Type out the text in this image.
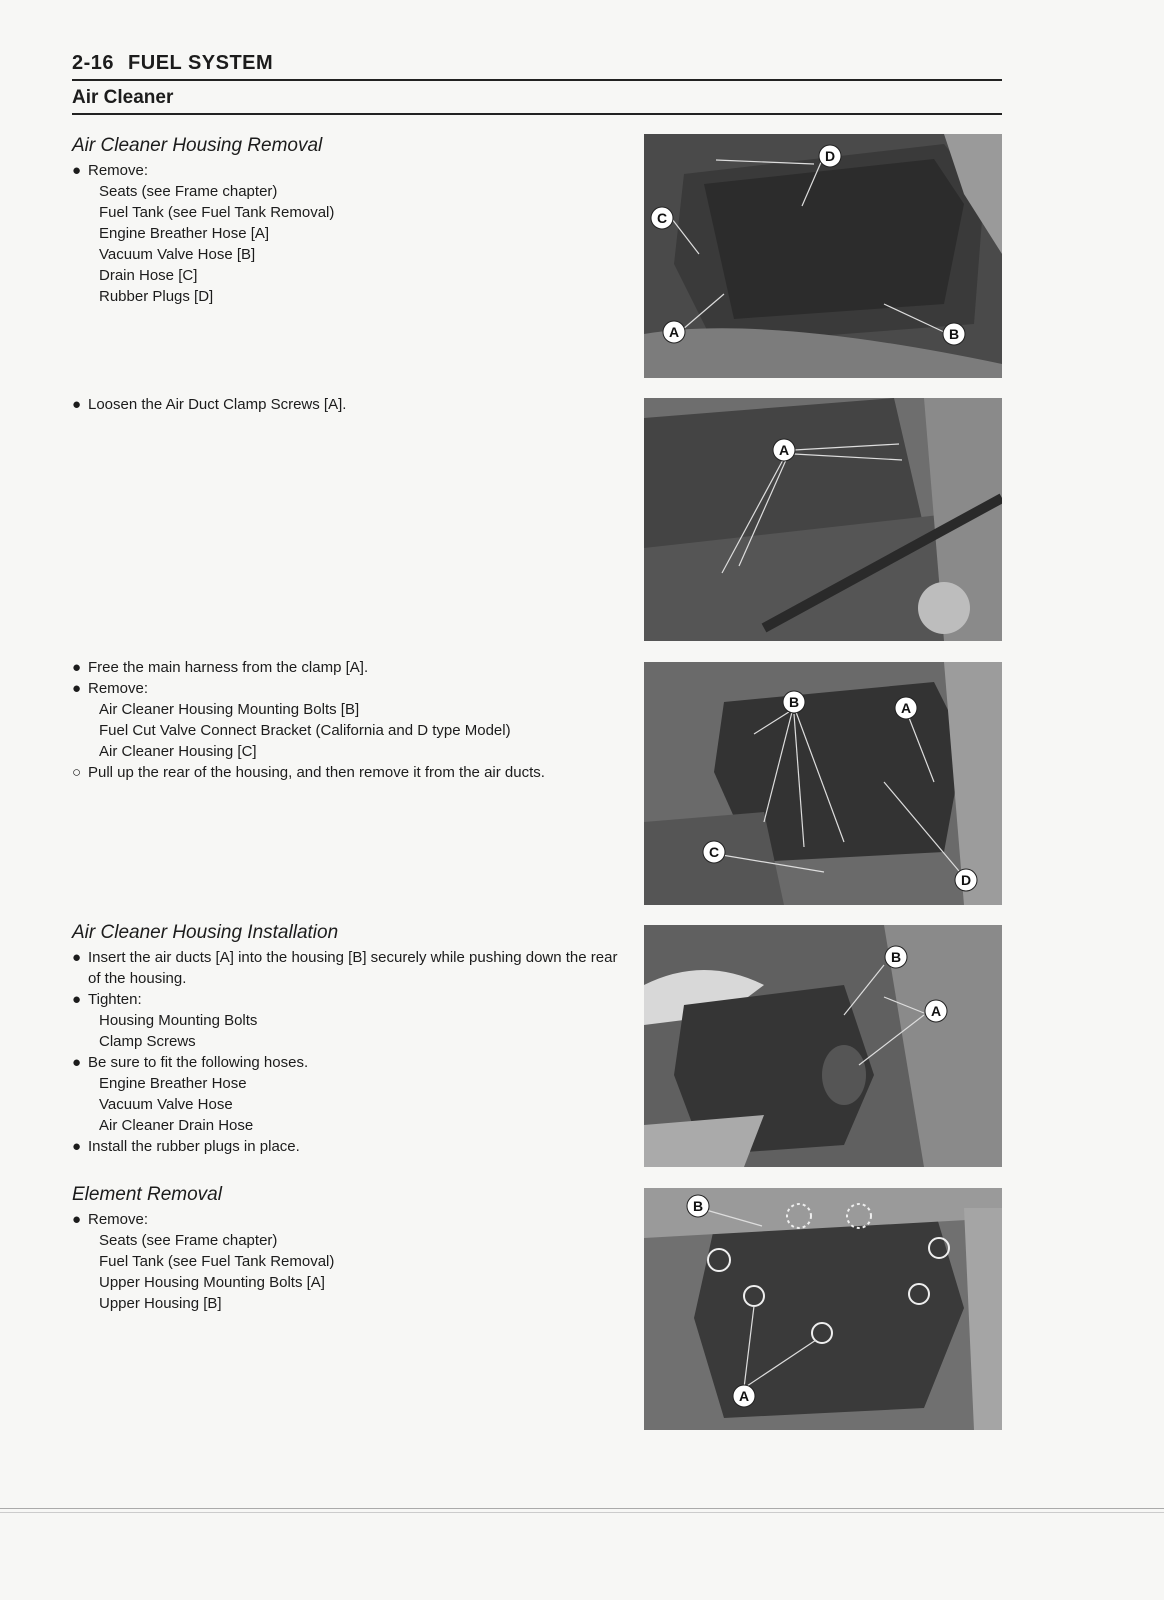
2-16 FUEL SYSTEM
Air Cleaner
Air Cleaner Housing Removal
● Remove:
Seats (see Frame chapter)
Fuel Tank (see Fuel Tank Removal)
Engine Breather Hose [A]
Vacuum Valve Hose [B]
Drain Hose [C]
Rubber Plugs [D]
● Loosen the Air Duct Clamp Screws [A].
● Free the main harness from the clamp [A].
● Remove:
Air Cleaner Housing Mounting Bolts [B]
Fuel Cut Valve Connect Bracket (California and D type Model)
Air Cleaner Housing [C]
○ Pull up the rear of the housing, and then remove it from the air ducts.
Air Cleaner Housing Installation
● Insert the air ducts [A] into the housing [B] securely while pushing down the rear of the housing.
● Tighten:
Housing Mounting Bolts
Clamp Screws
● Be sure to fit the following hoses.
Engine Breather Hose
Vacuum Valve Hose
Air Cleaner Drain Hose
● Install the rubber plugs in place.
Element Removal
● Remove:
Seats (see Frame chapter)
Fuel Tank (see Fuel Tank Removal)
Upper Housing Mounting Bolts [A]
Upper Housing [B]
D
C
A	B
A
B	A
C
D
B
A
B
A
